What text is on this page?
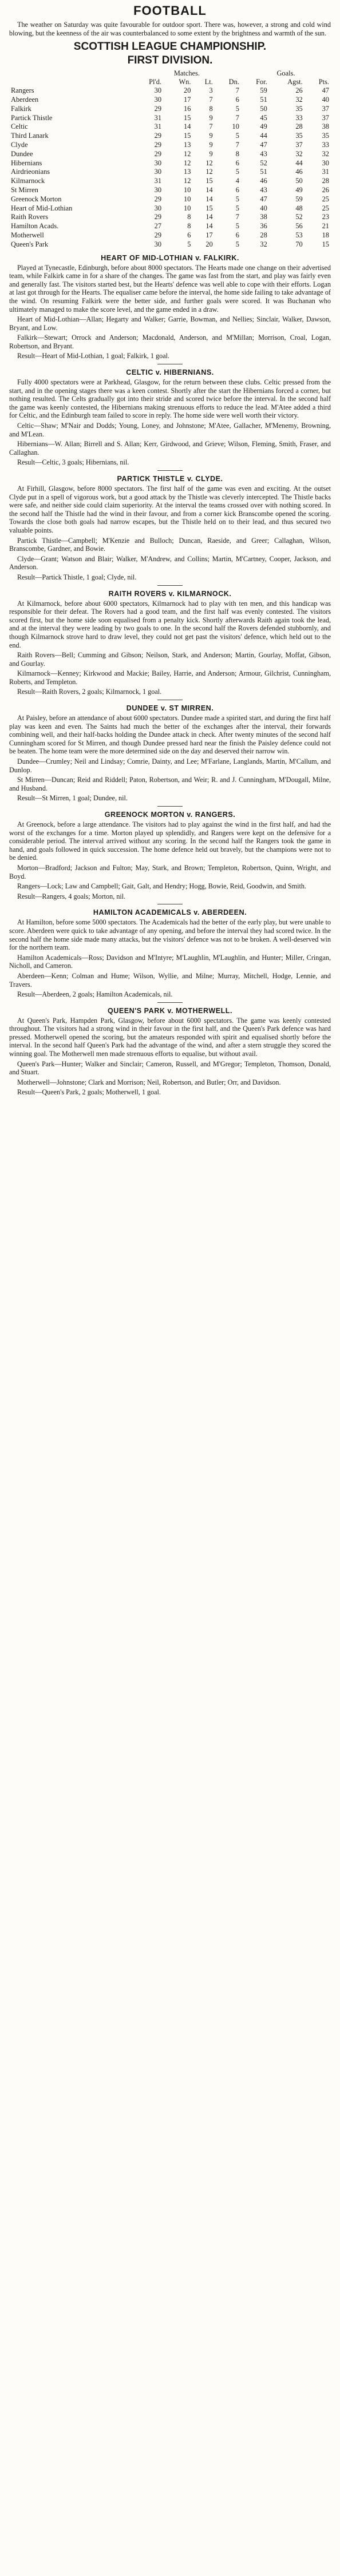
FOOTBALL

The weather on Saturday was quite favourable for outdoor sport. There was, however, a strong and cold wind blowing, but the keenness of the air was counterbalanced to some extent by the brightness and warmth of the sun.

SCOTTISH LEAGUE CHAMPIONSHIP.
FIRST DIVISION.
	Matches.				Goals.		
	Pl'd.	Wn.	Lt.	Dn.	For.	Agst.	Pts.
Rangers	30	20	3	7	59	26	47
Aberdeen	30	17	7	6	51	32	40
Falkirk	29	16	8	5	50	35	37
Partick Thistle	31	15	9	7	45	33	37
Celtic	31	14	7	10	49	28	38
Third Lanark	29	15	9	5	44	35	35
Clyde	29	13	9	7	47	37	33
Dundee	29	12	9	8	43	32	32
Hibernians	30	12	12	6	52	44	30
Airdrieonians	30	13	12	5	51	46	31
Kilmarnock	31	12	15	4	46	50	28
St Mirren	30	10	14	6	43	49	26
Greenock Morton	29	10	14	5	47	59	25
Heart of Mid-Lothian	30	10	15	5	40	48	25
Raith Rovers	29	8	14	7	38	52	23
Hamilton Acads.	27	8	14	5	36	56	21
Motherwell	29	6	17	6	28	53	18
Queen's Park	30	5	20	5	32	70	15
HEART OF MID-LOTHIAN v. FALKIRK.

Played at Tynecastle, Edinburgh, before about 8000 spectators. The Hearts made one change on their advertised team, while Falkirk came in for a share of the changes. The game was fast from the start, and play was fairly even and generally fast. The visitors started best, but the Hearts' defence was well able to cope with their efforts. Logan at last got through for the Hearts. The equaliser came before the interval, the home side failing to take advantage of the wind. On resuming Falkirk were the better side, and further goals were scored. It was Buchanan who ultimately managed to make the score level, and the game ended in a draw.

Heart of Mid-Lothian—Allan; Hegarty and Walker; Garrie, Bowman, and Nellies; Sinclair, Walker, Dawson, Bryant, and Low.

Falkirk—Stewart; Orrock and Anderson; Macdonald, Anderson, and M'Millan; Morrison, Croal, Logan, Robertson, and Bryant.

Result—Heart of Mid-Lothian, 1 goal; Falkirk, 1 goal.

CELTIC v. HIBERNIANS.

Fully 4000 spectators were at Parkhead, Glasgow, for the return between these clubs. Celtic pressed from the start, and in the opening stages there was a keen contest. Shortly after the start the Hibernians forced a corner, but nothing resulted. The Celts gradually got into their stride and scored twice before the interval. In the second half the game was keenly contested, the Hibernians making strenuous efforts to reduce the lead. M'Atee added a third for Celtic, and the Edinburgh team failed to score in reply. The home side were well worth their victory.

Celtic—Shaw; M'Nair and Dodds; Young, Loney, and Johnstone; M'Atee, Gallacher, M'Menemy, Browning, and M'Lean.

Hibernians—W. Allan; Birrell and S. Allan; Kerr, Girdwood, and Grieve; Wilson, Fleming, Smith, Fraser, and Callaghan.

Result—Celtic, 3 goals; Hibernians, nil.

PARTICK THISTLE v. CLYDE.

At Firhill, Glasgow, before 8000 spectators. The first half of the game was even and exciting. At the outset Clyde put in a spell of vigorous work, but a good attack by the Thistle was cleverly intercepted. The Thistle backs were safe, and neither side could claim superiority. At the interval the teams crossed over with nothing scored. In the second half the Thistle had the wind in their favour, and from a corner kick Branscombe opened the scoring. Towards the close both goals had narrow escapes, but the Thistle held on to their lead, and thus secured two valuable points.

Partick Thistle—Campbell; M'Kenzie and Bulloch; Duncan, Raeside, and Greer; Callaghan, Wilson, Branscombe, Gardner, and Bowie.

Clyde—Grant; Watson and Blair; Walker, M'Andrew, and Collins; Martin, M'Cartney, Cooper, Jackson, and Anderson.

Result—Partick Thistle, 1 goal; Clyde, nil.

RAITH ROVERS v. KILMARNOCK.

At Kilmarnock, before about 6000 spectators, Kilmarnock had to play with ten men, and this handicap was responsible for their defeat. The Rovers had a good team, and the first half was evenly contested. The visitors scored first, but the home side soon equalised from a penalty kick. Shortly afterwards Raith again took the lead, and at the interval they were leading by two goals to one. In the second half the Rovers defended stubbornly, and though Kilmarnock strove hard to draw level, they could not get past the visitors' defence, which held out to the end.

Raith Rovers—Bell; Cumming and Gibson; Neilson, Stark, and Anderson; Martin, Gourlay, Moffat, Gibson, and Gourlay.

Kilmarnock—Kenney; Kirkwood and Mackie; Bailey, Harrie, and Anderson; Armour, Gilchrist, Cunningham, Roberts, and Templeton.

Result—Raith Rovers, 2 goals; Kilmarnock, 1 goal.

DUNDEE v. ST MIRREN.

At Paisley, before an attendance of about 6000 spectators. Dundee made a spirited start, and during the first half play was keen and even. The Saints had much the better of the exchanges after the interval, their forwards combining well, and their half-backs holding the Dundee attack in check. After twenty minutes of the second half Cunningham scored for St Mirren, and though Dundee pressed hard near the finish the Paisley defence could not be beaten. The home team were the more determined side on the day and deserved their narrow win.

Dundee—Crumley; Neil and Lindsay; Comrie, Dainty, and Lee; M'Farlane, Langlands, Martin, M'Callum, and Dunlop.

St Mirren—Duncan; Reid and Riddell; Paton, Robertson, and Weir; R. and J. Cunningham, M'Dougall, Milne, and Husband.

Result—St Mirren, 1 goal; Dundee, nil.

GREENOCK MORTON v. RANGERS.

At Greenock, before a large attendance. The visitors had to play against the wind in the first half, and had the worst of the exchanges for a time. Morton played up splendidly, and Rangers were kept on the defensive for a considerable period. The interval arrived without any scoring. In the second half the Rangers took the game in hand, and goals followed in quick succession. The home defence held out bravely, but the champions were not to be denied.

Morton—Bradford; Jackson and Fulton; May, Stark, and Brown; Templeton, Robertson, Quinn, Wright, and Boyd.

Rangers—Lock; Law and Campbell; Gait, Galt, and Hendry; Hogg, Bowie, Reid, Goodwin, and Smith.

Result—Rangers, 4 goals; Morton, nil.

HAMILTON ACADEMICALS v. ABERDEEN.

At Hamilton, before some 5000 spectators. The Academicals had the better of the early play, but were unable to score. Aberdeen were quick to take advantage of any opening, and before the interval they had scored twice. In the second half the home side made many attacks, but the visitors' defence was not to be broken. A well-deserved win for the northern team.

Hamilton Academicals—Ross; Davidson and M'Intyre; M'Laughlin, M'Laughlin, and Hunter; Miller, Cringan, Nicholl, and Cameron.

Aberdeen—Kenn; Colman and Hume; Wilson, Wyllie, and Milne; Murray, Mitchell, Hodge, Lennie, and Travers.

Result—Aberdeen, 2 goals; Hamilton Academicals, nil.

QUEEN'S PARK v. MOTHERWELL.

At Queen's Park, Hampden Park, Glasgow, before about 6000 spectators. The game was keenly contested throughout. The visitors had a strong wind in their favour in the first half, and the Queen's Park defence was hard pressed. Motherwell opened the scoring, but the amateurs responded with spirit and equalised shortly before the interval. In the second half Queen's Park had the advantage of the wind, and after a stern struggle they scored the winning goal. The Motherwell men made strenuous efforts to equalise, but without avail.

Queen's Park—Hunter; Walker and Sinclair; Cameron, Russell, and M'Gregor; Templeton, Thomson, Donald, and Stuart.

Motherwell—Johnstone; Clark and Morrison; Neil, Robertson, and Butler; Orr, and Davidson.

Result—Queen's Park, 2 goals; Motherwell, 1 goal.
